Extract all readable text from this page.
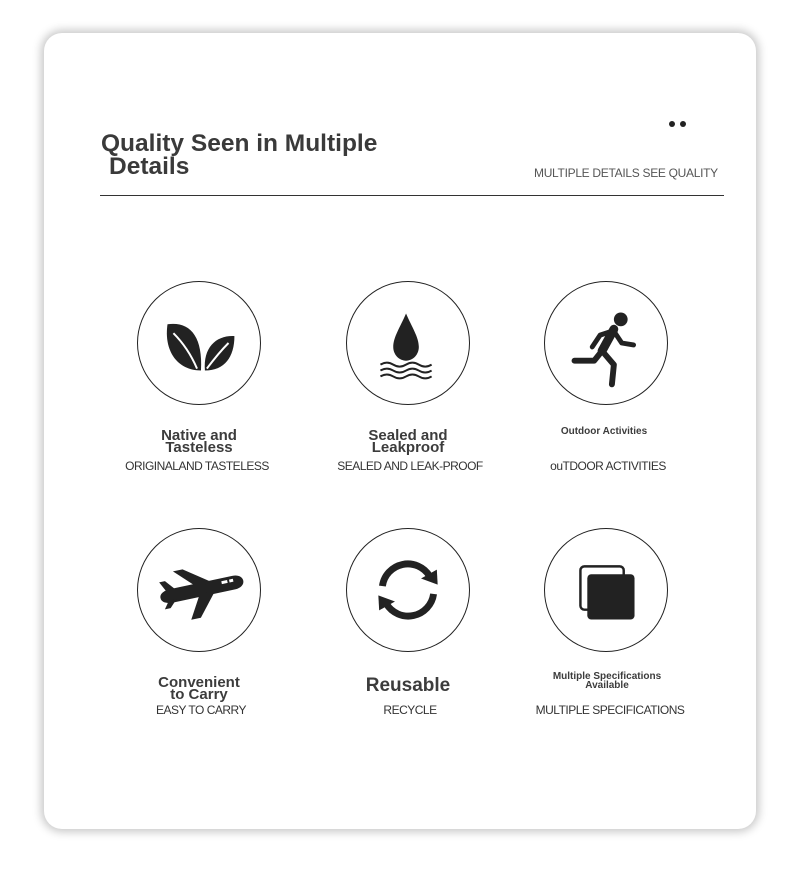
Quality Seen in Multiple
Details	MULTIPLE DETAILS SEE QUALITY
Native and
Tasteless
ORIGINALAND TASTELESS
Sealed and
Leakproof
SEALED AND LEAK-PROOF
Outdoor Activities
ouTDOOR ACTIVITIES
Convenient
to Carry
EASY TO CARRY
Reusable
RECYCLE
Multiple Specifications
Available
MULTIPLE SPECIFICATIONS
